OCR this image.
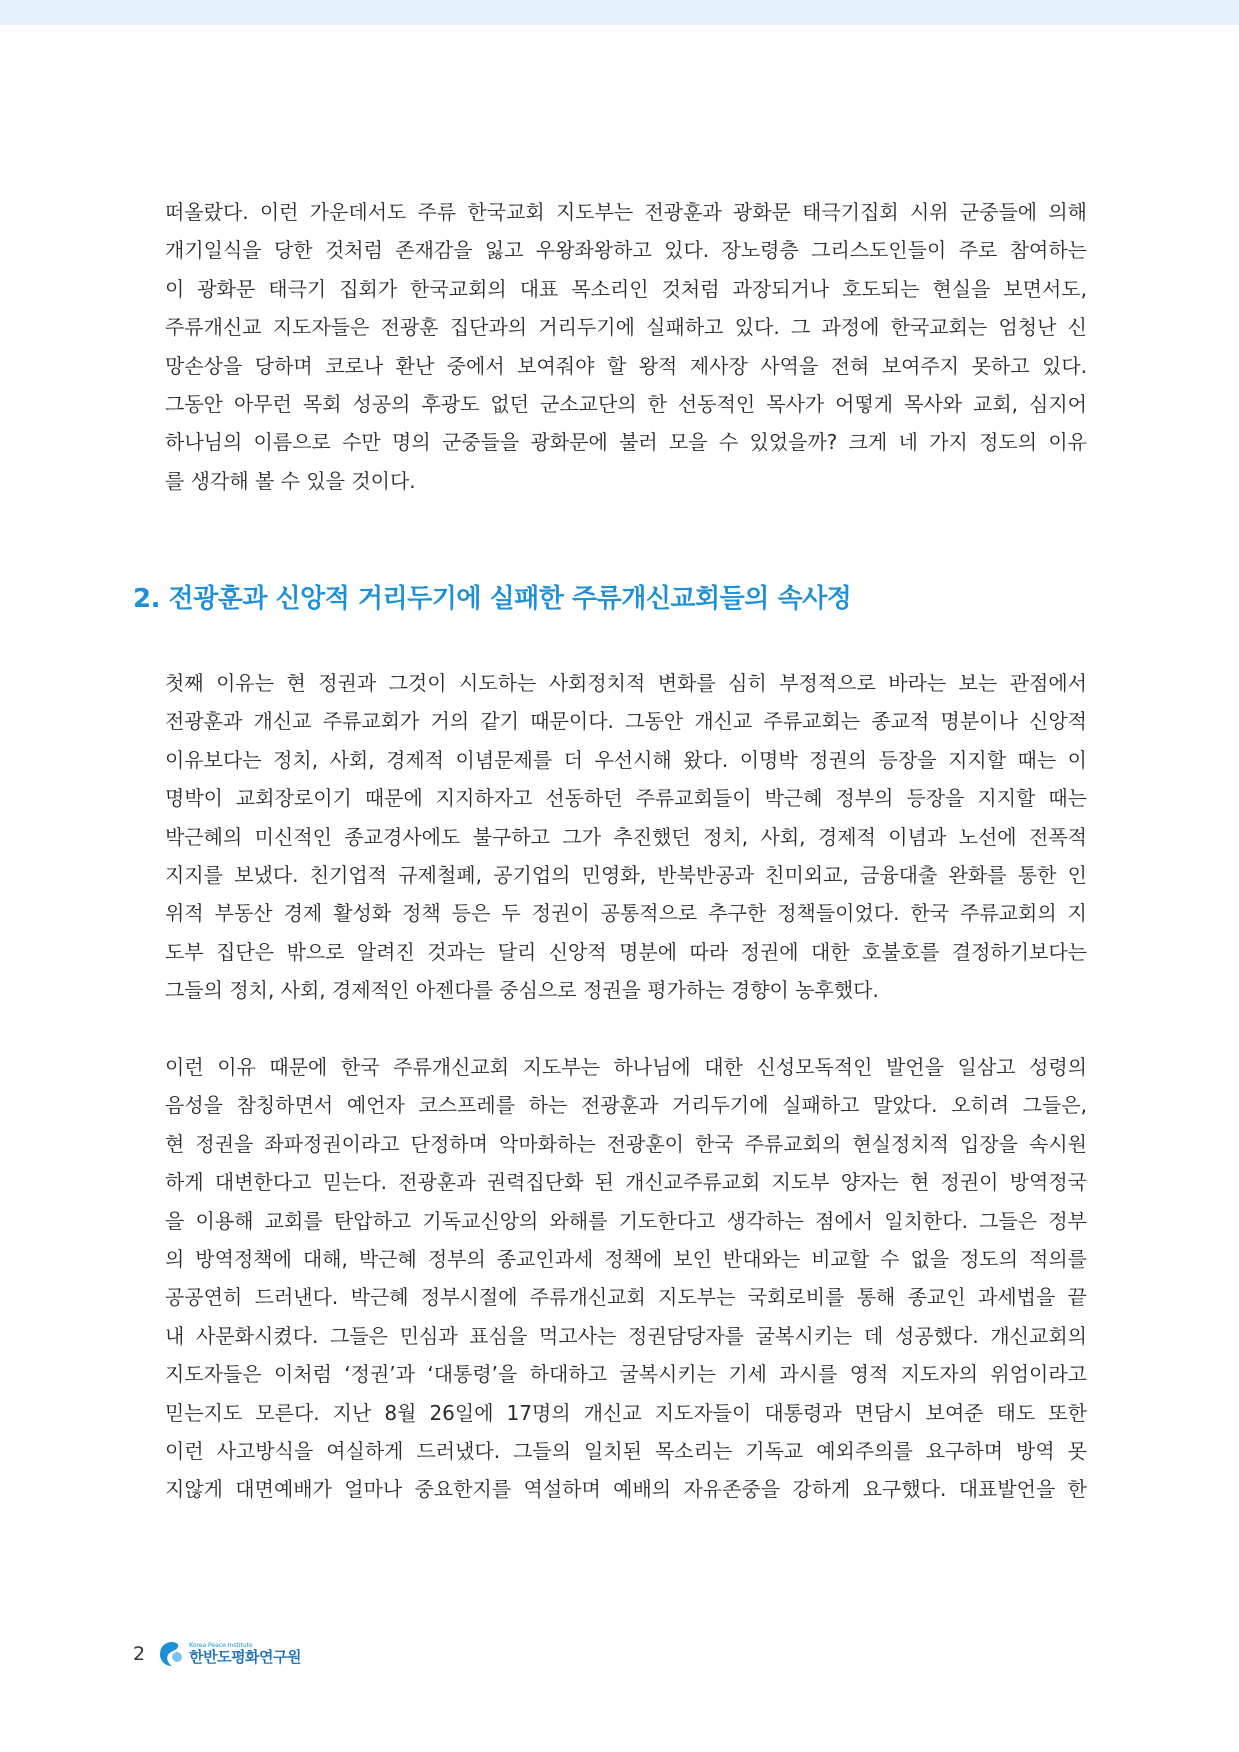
떠올랐다. 이런 가운데서도 주류 한국교회 지도부는 전광훈과 광화문 태극기집회 시위 군중들에 의해
개기일식을 당한 것처럼 존재감을 잃고 우왕좌왕하고 있다. 장노령층 그리스도인들이 주로 참여하는
이 광화문 태극기 집회가 한국교회의 대표 목소리인 것처럼 과장되거나 호도되는 현실을 보면서도,
주류개신교 지도자들은 전광훈 집단과의 거리두기에 실패하고 있다. 그 과정에 한국교회는 엄청난 신
망손상을 당하며 코로나 환난 중에서 보여줘야 할 왕적 제사장 사역을 전혀 보여주지 못하고 있다.
그동안 아무런 목회 성공의 후광도 없던 군소교단의 한 선동적인 목사가 어떻게 목사와 교회, 심지어
하나님의 이름으로 수만 명의 군중들을 광화문에 불러 모을 수 있었을까? 크게 네 가지 정도의 이유
를 생각해 볼 수 있을 것이다.
2. 전광훈과 신앙적 거리두기에 실패한 주류개신교회들의 속사정
첫째 이유는 현 정권과 그것이 시도하는 사회정치적 변화를 심히 부정적으로 바라는 보는 관점에서
전광훈과 개신교 주류교회가 거의 같기 때문이다. 그동안 개신교 주류교회는 종교적 명분이나 신앙적
이유보다는 정치, 사회, 경제적 이념문제를 더 우선시해 왔다. 이명박 정권의 등장을 지지할 때는 이
명박이 교회장로이기 때문에 지지하자고 선동하던 주류교회들이 박근혜 정부의 등장을 지지할 때는
박근혜의 미신적인 종교경사에도 불구하고 그가 추진했던 정치, 사회, 경제적 이념과 노선에 전폭적
지지를 보냈다. 친기업적 규제철폐, 공기업의 민영화, 반북반공과 친미외교, 금융대출 완화를 통한 인
위적 부동산 경제 활성화 정책 등은 두 정권이 공통적으로 추구한 정책들이었다. 한국 주류교회의 지
도부 집단은 밖으로 알려진 것과는 달리 신앙적 명분에 따라 정권에 대한 호불호를 결정하기보다는
그들의 정치, 사회, 경제적인 아젠다를 중심으로 정권을 평가하는 경향이 농후했다.
이런 이유 때문에 한국 주류개신교회 지도부는 하나님에 대한 신성모독적인 발언을 일삼고 성령의
음성을 참칭하면서 예언자 코스프레를 하는 전광훈과 거리두기에 실패하고 말았다. 오히려 그들은,
현 정권을 좌파정권이라고 단정하며 악마화하는 전광훈이 한국 주류교회의 현실정치적 입장을 속시원
하게 대변한다고 믿는다. 전광훈과 권력집단화 된 개신교주류교회 지도부 양자는 현 정권이 방역정국
을 이용해 교회를 탄압하고 기독교신앙의 와해를 기도한다고 생각하는 점에서 일치한다. 그들은 정부
의 방역정책에 대해, 박근혜 정부의 종교인과세 정책에 보인 반대와는 비교할 수 없을 정도의 적의를
공공연히 드러낸다. 박근혜 정부시절에 주류개신교회 지도부는 국회로비를 통해 종교인 과세법을 끝
내 사문화시켰다. 그들은 민심과 표심을 먹고사는 정권담당자를 굴복시키는 데 성공했다. 개신교회의
지도자들은 이처럼 ‘정권’과 ‘대통령’을 하대하고 굴복시키는 기세 과시를 영적 지도자의 위엄이라고
믿는지도 모른다. 지난 8월 26일에 17명의 개신교 지도자들이 대통령과 면담시 보여준 태도 또한
이런 사고방식을 여실하게 드러냈다. 그들의 일치된 목소리는 기독교 예외주의를 요구하며 방역 못
지않게 대면예배가 얼마나 중요한지를 역설하며 예배의 자유존중을 강하게 요구했다. 대표발언을 한
2	Korea Peace Institute
한반도평화연구원
